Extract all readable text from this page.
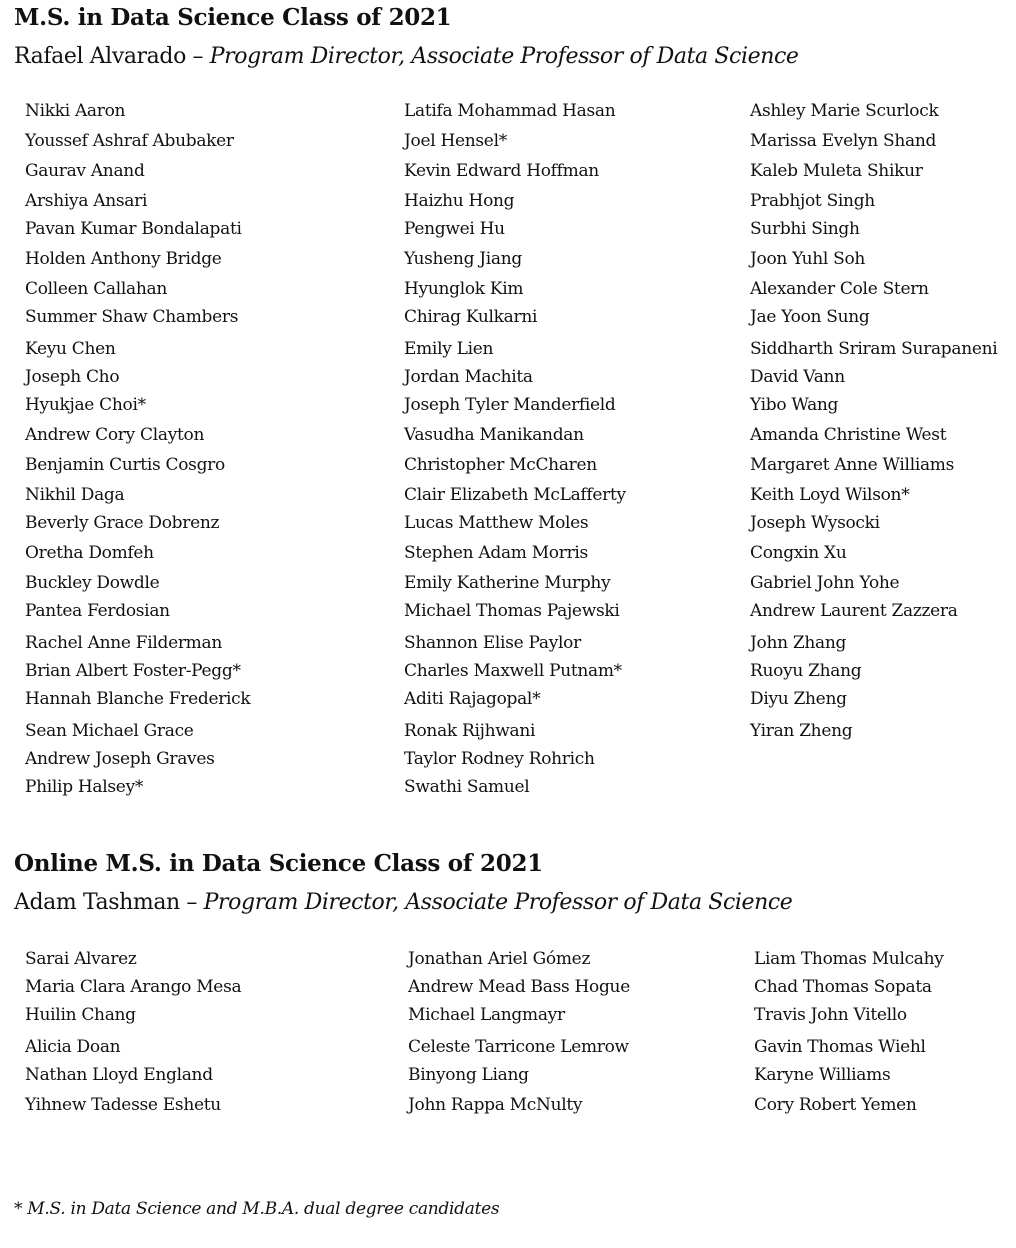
M.S. in Data Science Class of 2021

Rafael Alvarado – Program Director, Associate Professor of Data Science

Nikki Aaron
Youssef Ashraf Abubaker
Gaurav Anand
Arshiya Ansari
Pavan Kumar Bondalapati
Holden Anthony Bridge
Colleen Callahan
Summer Shaw Chambers
Keyu Chen
Joseph Cho
Hyukjae Choi*
Andrew Cory Clayton
Benjamin Curtis Cosgro
Nikhil Daga
Beverly Grace Dobrenz
Oretha Domfeh
Buckley Dowdle
Pantea Ferdosian
Rachel Anne Filderman
Brian Albert Foster-Pegg*
Hannah Blanche Frederick
Sean Michael Grace
Andrew Joseph Graves
Philip Halsey*
Latifa Mohammad Hasan
Joel Hensel*
Kevin Edward Hoffman
Haizhu Hong
Pengwei Hu
Yusheng Jiang
Hyunglok Kim
Chirag Kulkarni
Emily Lien
Jordan Machita
Joseph Tyler Manderfield
Vasudha Manikandan
Christopher McCharen
Clair Elizabeth McLafferty
Lucas Matthew Moles
Stephen Adam Morris
Emily Katherine Murphy
Michael Thomas Pajewski
Shannon Elise Paylor
Charles Maxwell Putnam*
Aditi Rajagopal*
Ronak Rijhwani
Taylor Rodney Rohrich
Swathi Samuel
Ashley Marie Scurlock
Marissa Evelyn Shand
Kaleb Muleta Shikur
Prabhjot Singh
Surbhi Singh
Joon Yuhl Soh
Alexander Cole Stern
Jae Yoon Sung
Siddharth Sriram Surapaneni
David Vann
Yibo Wang
Amanda Christine West
Margaret Anne Williams
Keith Loyd Wilson*
Joseph Wysocki
Congxin Xu
Gabriel John Yohe
Andrew Laurent Zazzera
John Zhang
Ruoyu Zhang
Diyu Zheng
Yiran Zheng
Online M.S. in Data Science Class of 2021

Adam Tashman – Program Director, Associate Professor of Data Science

Sarai Alvarez
Maria Clara Arango Mesa
Huilin Chang
Alicia Doan
Nathan Lloyd England
Yihnew Tadesse Eshetu
Jonathan Ariel Gómez
Andrew Mead Bass Hogue
Michael Langmayr
Celeste Tarricone Lemrow
Binyong Liang
John Rappa McNulty
Liam Thomas Mulcahy
Chad Thomas Sopata
Travis John Vitello
Gavin Thomas Wiehl
Karyne Williams
Cory Robert Yemen

* M.S. in Data Science and M.B.A. dual degree candidates
